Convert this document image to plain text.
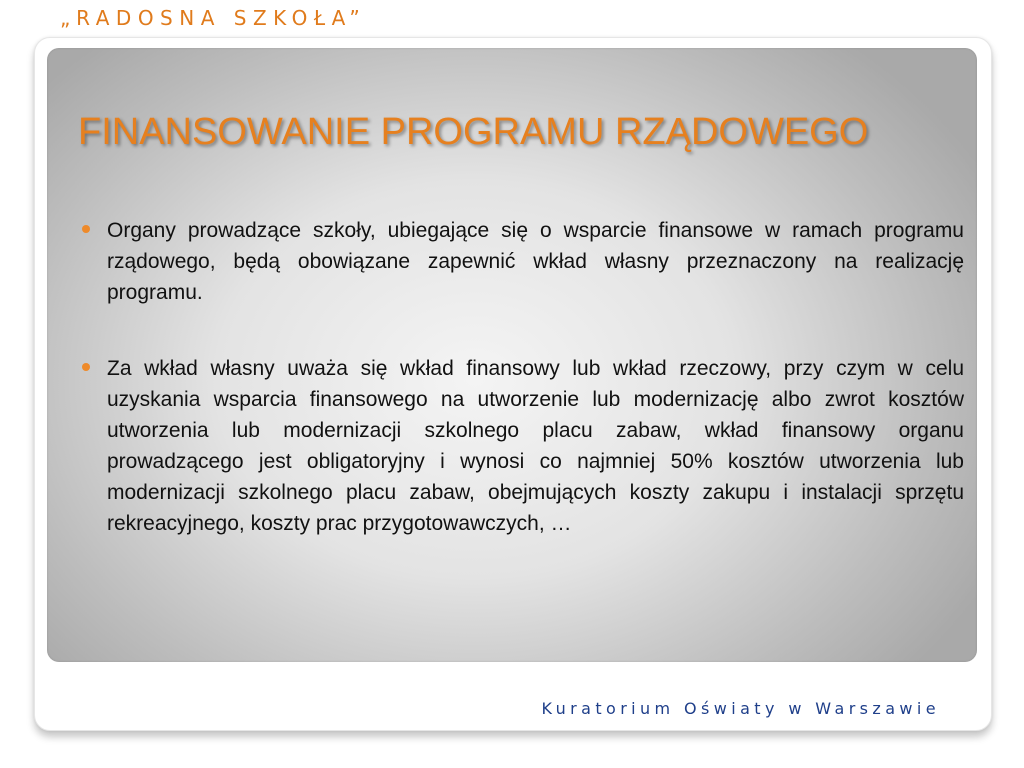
„RADOSNA SZKOŁA”
FINANSOWANIE PROGRAMU RZĄDOWEGO
Organy prowadzące szkoły, ubiegające się o wsparcie finansowe w ramach programu rządowego, będą obowiązane zapewnić wkład własny przeznaczony na realizację programu.
Za wkład własny uważa się wkład finansowy lub wkład rzeczowy, przy czym w celu uzyskania wsparcia finansowego na utworzenie lub modernizację albo zwrot kosztów utworzenia lub modernizacji szkolnego placu zabaw, wkład finansowy organu prowadzącego jest obligatoryjny i wynosi co najmniej 50% kosztów utworzenia lub modernizacji szkolnego placu zabaw, obejmujących koszty zakupu i instalacji sprzętu rekreacyjnego, koszty prac przygotowawczych, …
Kuratorium Oświaty w Warszawie
